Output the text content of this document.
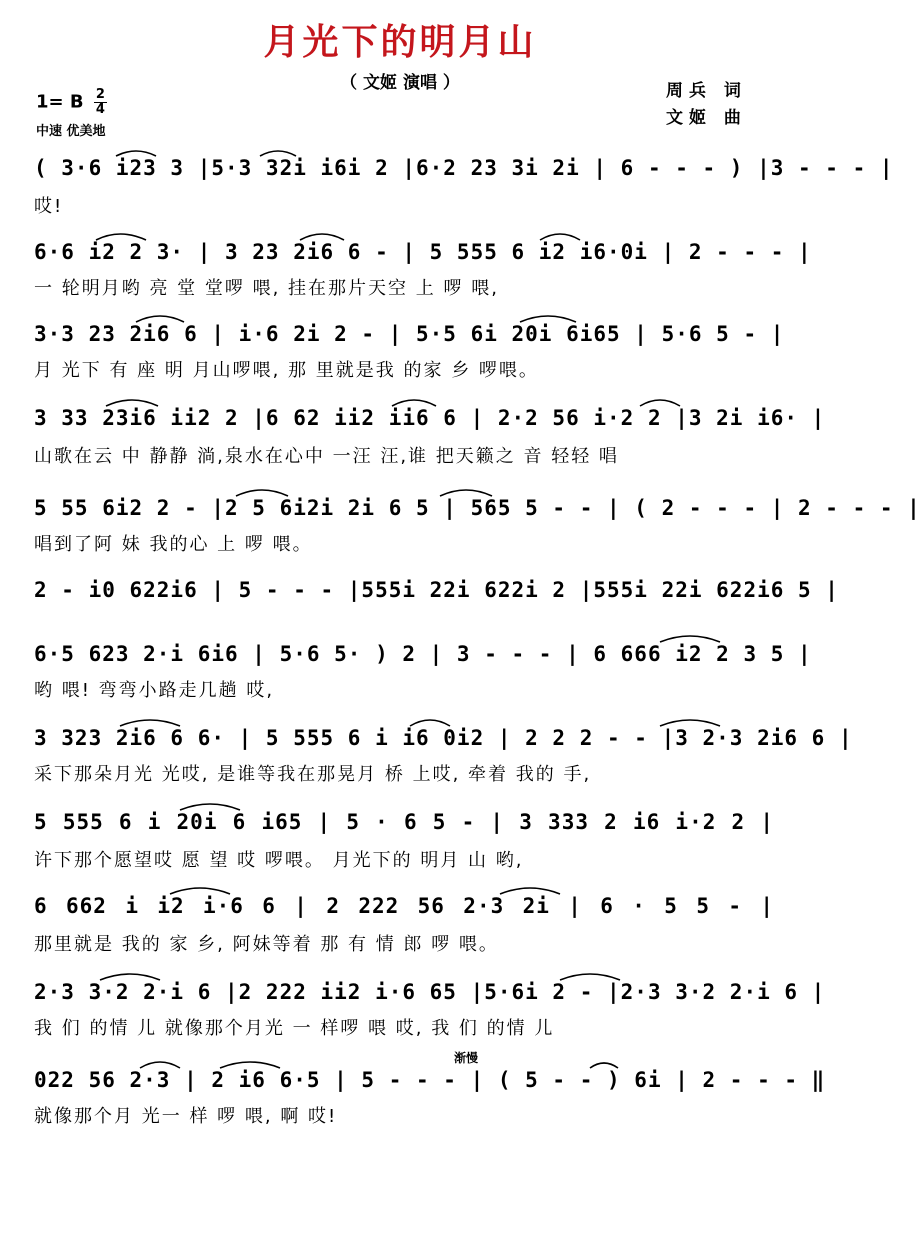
月光下的明月山
（ 文姬 演唱 ）	周兵 词
文姬 曲
1= B $\frac{2}{4}$
中速 优美地
( 3·6 i23 3 |5·3 32i i6i 2 |6·2 23 3i 2i | 6 - - - ) |3 - - - |
哎!
6·6 i2 2 3· | 3 23 2i6 6 - | 5 555 6 i2 i6·0i | 2 - - - |
一 轮明月哟 亮 堂 堂啰 喂, 挂在那片天空 上 啰 喂,
3·3 23 2i6 6 | i·6 2i 2 - | 5·5 6i 20i 6i65 | 5·6 5 - |
月 光下 有 座 明 月山啰喂, 那 里就是我 的家 乡 啰喂。
3 33 23i6 ii2 2 |6 62 ii2 ii6 6 | 2·2 56 i·2 2 |3 2i i6· |
山歌在云 中 静静 淌,泉水在心中 一汪 汪,谁 把天籁之 音 轻轻 唱
5 55 6i2 2 - |2 5 6i2i 2i 6 5 | 565 5 - - | ( 2 - - - | 2 - - - |
唱到了阿 妹 我的心 上 啰 喂。
2 - i0 622i6 | 5 - - - |555i 22i 622i 2 |555i 22i 622i6 5 |
6·5 623 2·i 6i6 | 5·6 5· ) 2 | 3 - - - | 6 666 i2 2 3 5 |
哟 喂! 弯弯小路走几趟 哎,
3 323 2i6 6 6· | 5 555 6 i i6 0i2 | 2 2 2 - - |3 2·3 2i6 6 |
采下那朵月光 光哎, 是谁等我在那晃月 桥 上哎, 牵着 我的 手,
5 555 6 i 20i 6 i65 | 5 · 6 5 - | 3 333 2 i6 i·2 2 |
许下那个愿望哎 愿 望 哎 啰喂。 月光下的 明月 山 哟,
6 662 i i2 i·6 6 | 2 222 56 2·3 2i | 6 · 5 5 - |
那里就是 我的 家 乡, 阿妹等着 那 有 情 郎 啰 喂。
2·3 3·2 2·i 6 |2 222 ii2 i·6 65 |5·6i 2 - |2·3 3·2 2·i 6 |
我 们 的情 儿 就像那个月光 一 样啰 喂 哎, 我 们 的情 儿
022 56 2·3 | 2 i6 6·5 | 5 - - - | ( 5 - - ) 6i | 2 - - - ‖
就像那个月 光一 样 啰 喂, 啊 哎!
渐慢
